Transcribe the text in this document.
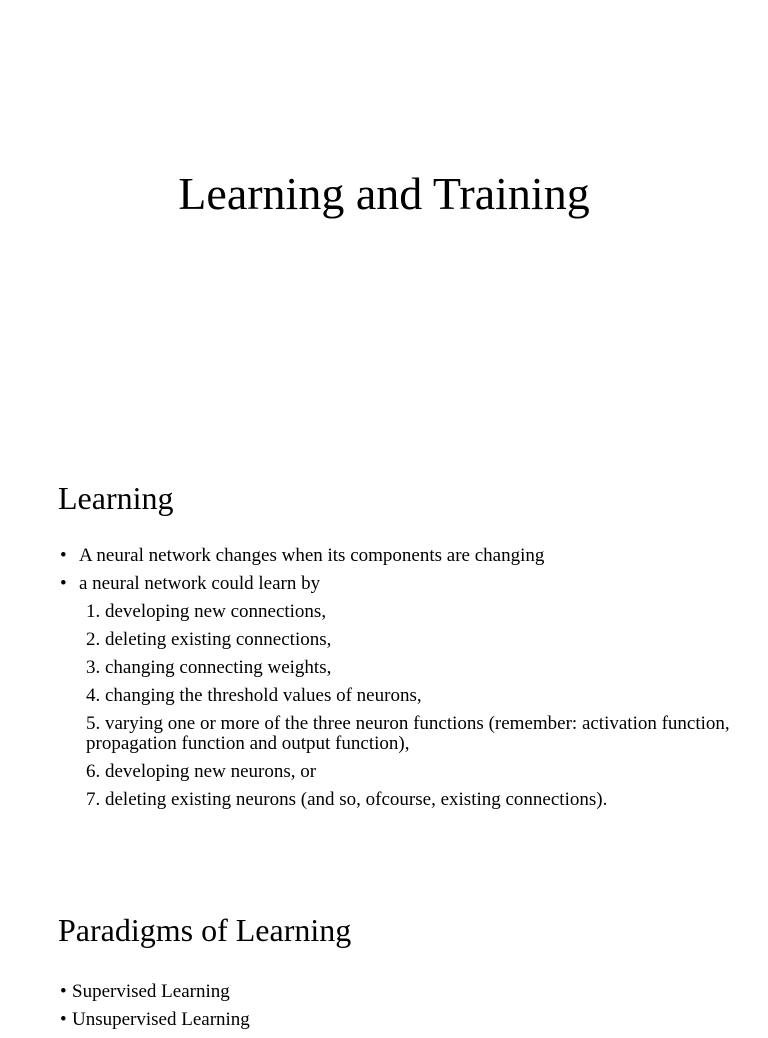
Learning and Training
Learning
• A neural network changes when its components are changing
• a neural network could learn by
1. developing new connections,
2. deleting existing connections,
3. changing connecting weights,
4. changing the threshold values of neurons,
5. varying one or more of the three neuron functions (remember: activation function, propagation function and output function),
6. developing new neurons, or
7. deleting existing neurons (and so, ofcourse, existing connections).
Paradigms of Learning
• Supervised Learning
• Unsupervised Learning
